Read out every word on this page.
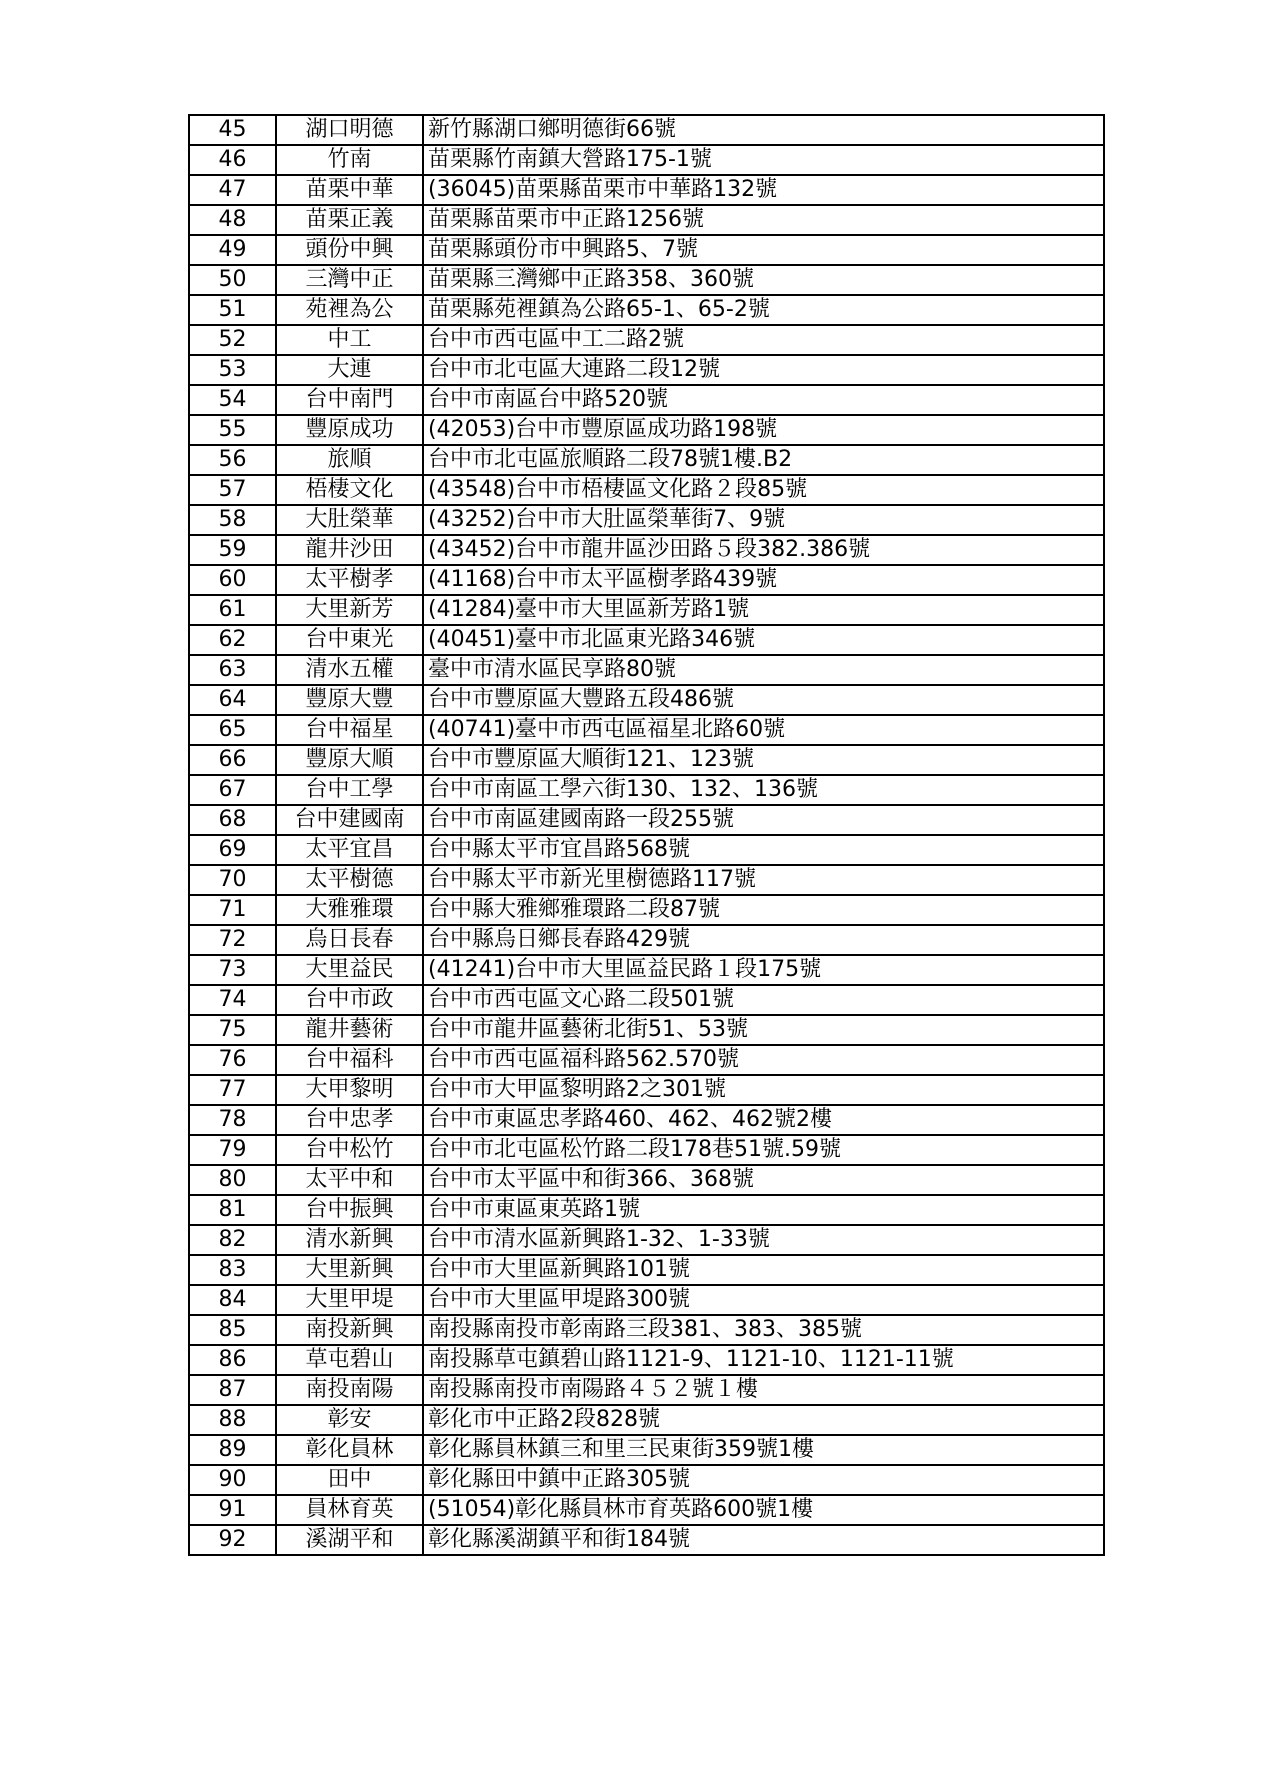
45	湖口明德	新竹縣湖口鄉明德街66號
46	竹南	苗栗縣竹南鎮大營路175-1號
47	苗栗中華	(36045)苗栗縣苗栗市中華路132號
48	苗栗正義	苗栗縣苗栗市中正路1256號
49	頭份中興	苗栗縣頭份市中興路5、7號
50	三灣中正	苗栗縣三灣鄉中正路358、360號
51	苑裡為公	苗栗縣苑裡鎮為公路65-1、65-2號
52	中工	台中市西屯區中工二路2號
53	大連	台中市北屯區大連路二段12號
54	台中南門	台中市南區台中路520號
55	豐原成功	(42053)台中市豐原區成功路198號
56	旅順	台中市北屯區旅順路二段78號1樓.B2
57	梧棲文化	(43548)台中市梧棲區文化路２段85號
58	大肚榮華	(43252)台中市大肚區榮華街7、9號
59	龍井沙田	(43452)台中市龍井區沙田路５段382.386號
60	太平樹孝	(41168)台中市太平區樹孝路439號
61	大里新芳	(41284)臺中市大里區新芳路1號
62	台中東光	(40451)臺中市北區東光路346號
63	清水五權	臺中市清水區民享路80號
64	豐原大豐	台中市豐原區大豐路五段486號
65	台中福星	(40741)臺中市西屯區福星北路60號
66	豐原大順	台中市豐原區大順街121、123號
67	台中工學	台中市南區工學六街130、132、136號
68	台中建國南	台中市南區建國南路一段255號
69	太平宜昌	台中縣太平市宜昌路568號
70	太平樹德	台中縣太平市新光里樹德路117號
71	大雅雅環	台中縣大雅鄉雅環路二段87號
72	烏日長春	台中縣烏日鄉長春路429號
73	大里益民	(41241)台中市大里區益民路１段175號
74	台中市政	台中市西屯區文心路二段501號
75	龍井藝術	台中市龍井區藝術北街51、53號
76	台中福科	台中市西屯區福科路562.570號
77	大甲黎明	台中市大甲區黎明路2之301號
78	台中忠孝	台中市東區忠孝路460、462、462號2樓
79	台中松竹	台中市北屯區松竹路二段178巷51號.59號
80	太平中和	台中市太平區中和街366、368號
81	台中振興	台中市東區東英路1號
82	清水新興	台中市清水區新興路1-32、1-33號
83	大里新興	台中市大里區新興路101號
84	大里甲堤	台中市大里區甲堤路300號
85	南投新興	南投縣南投市彰南路三段381、383、385號
86	草屯碧山	南投縣草屯鎮碧山路1121-9、1121-10、1121-11號
87	南投南陽	南投縣南投市南陽路４５２號１樓
88	彰安	彰化市中正路2段828號
89	彰化員林	彰化縣員林鎮三和里三民東街359號1樓
90	田中	彰化縣田中鎮中正路305號
91	員林育英	(51054)彰化縣員林市育英路600號1樓
92	溪湖平和	彰化縣溪湖鎮平和街184號
